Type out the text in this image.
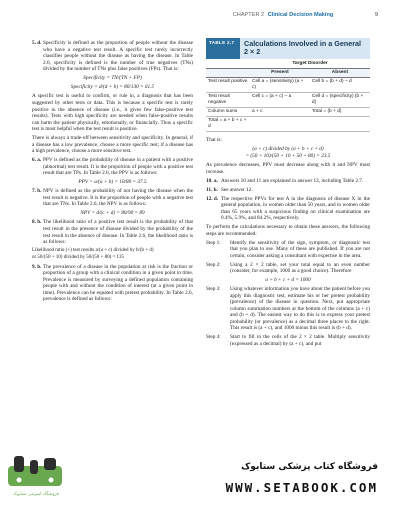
CHAPTER 2 Clinical Decision Making	9

5. d. Specificity is defined as the proportion of people without the disease who have a negative test result. A specific test rarely incorrectly classifies people without the disease as having the disease. In Table 2.6, specificity is defined is the number of true negatives (TNs) divided by the number of TNs plus false positives (FPs). That is:

Specificity = TN/(TN + FP)
Specificity = d/(d + b) = 80/130 = 61.5

A specific test is useful to confirm, or rule in, a diagnosis that has been suggested by other tests or data. This is because a specific test is rarely positive in the absence of disease (i.e., it gives few false-positive test results). Tests with high specificity are needed when false-positive results can harm the patient physically, emotionally, or financially. Thus a specific test is most helpful when the test result is positive.

There is always a trade-off between sensitivity and specificity. In general, if a disease has a low prevalence, choose a more specific test; if a disease has a high prevalence, choose a more sensitive test.

6. a. PPV is defined as the probability of disease in a patient with a positive (abnormal) test result. It is the proportion of people with a positive test result that are TPs. In Table 2.6, the PPV is as follows:

PPV = a/(a + b) = 10/80 = 37.5

7. b. NPV is defined as the probability of not having the disease when the test result is negative. It is the proportion of people with a negative test that are TNs. In Table 2.6, the NPV is as follows:

NPV = d/(c + d) = 80/90 = 89

8. b. The likelihood ratio of a positive test result is the probability of that test result in the presence of disease divided by the probability of the test result in the absence of disease. In Table 2.6, the likelihood ratio is as follows:

Likelihood ratio (+) test results a/(a + c) divided by b/(b + d)
or 50/(50 + 10) divided by 50/(50 + 80) = 135

9. b. The prevalence of a disease in the population at risk is the fraction or proportion of a group with a clinical condition in a given point in time. Prevalence is measured by surveying a defined population containing people with and without the condition of interest (at a given point in time). Prevalence can be equated with pretest probability. In Table 2.6, prevalence is defined as follows:

TABLE 2.7	Calculations Involved in a General 2 × 2
	Target Disorder	
	Present	Absent
Test result positive	Cell a = (sensitivity) (a + c)	Cell b = (b + d) − d
Test result negative	Cell c = (a + c) − a	Cell d = (specificity) (b + d)
Column sums	a + c	Total = (b + d)
Total = a + b + c + d		

That is:

(a + c) divided by (a + b + c + d)
= (50 + 10)/(50 + 10 + 50 + 80) = 23.5

As prevalence decreases, PPV must decrease along with it and NPV must increase.

10. a. Answers 10 and 11 are explained in answer 12, including Table 2.7.

11. b. See answer 12.

12. d. The respective PPVs for test A in the diagnosis of disease X in the general population, in women older than 50 years, and in women older than 65 years with a suspicious finding on clinical examination are 0.4%, 5.9%, and 84.2%, respectively.

To perform the calculations necessary to obtain these answers, the following steps are recommended:

Step 1: Identify the sensitivity of the sign, symptom, or diagnostic test that you plan to use. Many of these are published. If you are not certain, consider asking a consultant with expertise in the area.
Step 2: Using a 2 × 2 table, set your total equal to an even number (consider, for example, 1000 as a good choice). Therefore
a + b + c + d = 1000
Step 3: Using whatever information you have about the patient before you apply this diagnostic test, estimate his or her pretest probability (prevalence) of the disease in question. Next, put appropriate column summation numbers at the bottom of the columns (a + c) and (b + d). The easiest way to do this is to express your pretest probability (or prevalence) as a decimal three places to the right. This result is (a + c), and 1000 minus this result is (b + d).
Step 4: Start to fill in the cells of the 2 × 2 table. Multiply sensitivity (expressed as a decimal) by (a + c), and put
فروشگاه اینترنتی ستاپوک
فروشگاه کتاب پزشکی ستابوک
WWW.SETABOOK.COM
